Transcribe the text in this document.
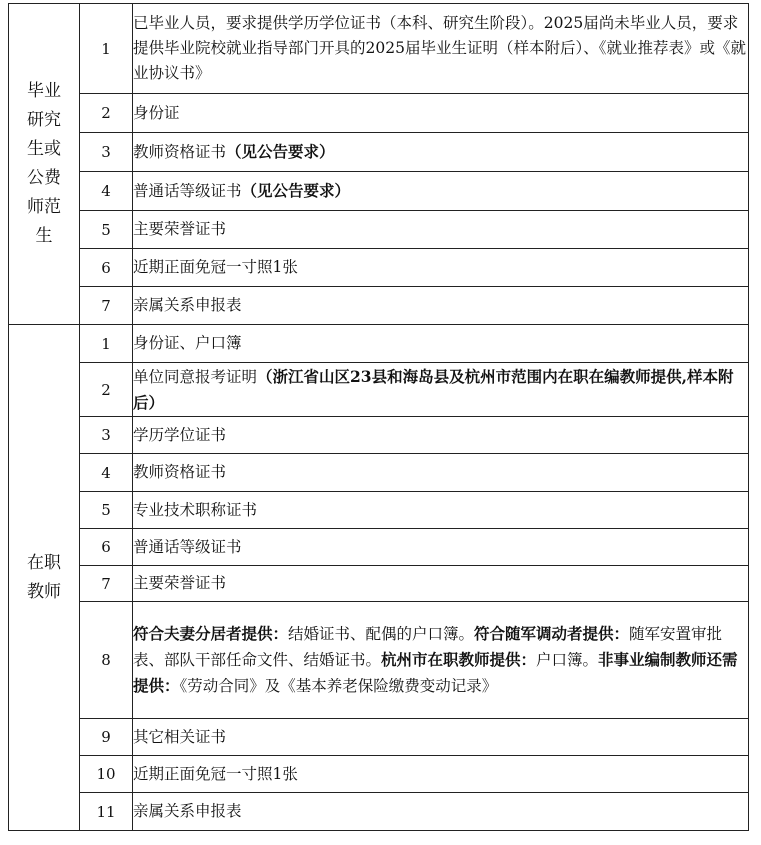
毕业研究生或公费师范生	1	已毕业人员，要求提供学历学位证书（本科、研究生阶段）。2025届尚未毕业人员，要求提供毕业院校就业指导部门开具的2025届毕业生证明（样本附后）、《就业推荐表》或《就业协议书》
	2	身份证
	3	教师资格证书（见公告要求）
	4	普通话等级证书（见公告要求）
	5	主要荣誉证书
	6	近期正面免冠一寸照1张
	7	亲属关系申报表
在职教师	1	身份证、户口簿
	2	单位同意报考证明（浙江省山区23县和海岛县及杭州市范围内在职在编教师提供,样本附后）
	3	学历学位证书
	4	教师资格证书
	5	专业技术职称证书
	6	普通话等级证书
	7	主要荣誉证书
	8	符合夫妻分居者提供：结婚证书、配偶的户口簿。符合随军调动者提供：随军安置审批表、部队干部任命文件、结婚证书。杭州市在职教师提供：户口簿。非事业编制教师还需提供：《劳动合同》及《基本养老保险缴费变动记录》
	9	其它相关证书
	10	近期正面免冠一寸照1张
	11	亲属关系申报表
